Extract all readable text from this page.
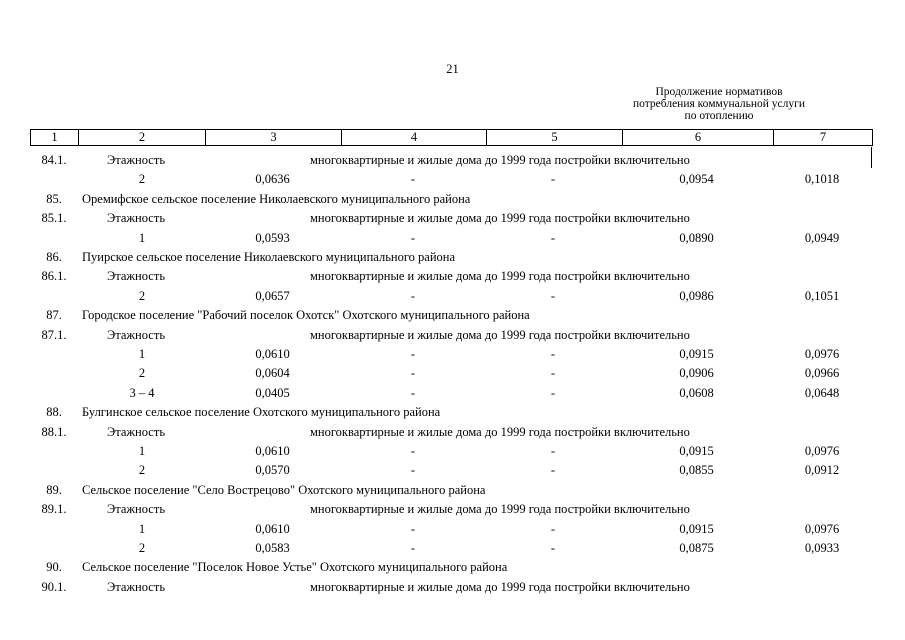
21
Продолжение нормативов
потребления коммунальной услуги
по отоплению
1	2	3	4	5	6	7
84.1.	Этажность	многоквартирные и жилые дома до 1999 года постройки включительно
2	0,0636	-	-	0,0954	0,1018
85.	Оремифское сельское поселение Николаевского муниципального района
85.1.	Этажность	многоквартирные и жилые дома до 1999 года постройки включительно
1	0,0593	-	-	0,0890	0,0949
86.	Пуирское сельское поселение Николаевского муниципального района
86.1.	Этажность	многоквартирные и жилые дома до 1999 года постройки включительно
2	0,0657	-	-	0,0986	0,1051
87.	Городское поселение "Рабочий поселок Охотск" Охотского муниципального района
87.1.	Этажность	многоквартирные и жилые дома до 1999 года постройки включительно
1	0,0610	-	-	0,0915	0,0976
2	0,0604	-	-	0,0906	0,0966
3 – 4	0,0405	-	-	0,0608	0,0648
88.	Булгинское сельское поселение Охотского муниципального района
88.1.	Этажность	многоквартирные и жилые дома до 1999 года постройки включительно
1	0,0610	-	-	0,0915	0,0976
2	0,0570	-	-	0,0855	0,0912
89.	Сельское поселение "Село Вострецово" Охотского муниципального района
89.1.	Этажность	многоквартирные и жилые дома до 1999 года постройки включительно
1	0,0610	-	-	0,0915	0,0976
2	0,0583	-	-	0,0875	0,0933
90.	Сельское поселение "Поселок Новое Устье" Охотского муниципального района
90.1.	Этажность	многоквартирные и жилые дома до 1999 года постройки включительно
